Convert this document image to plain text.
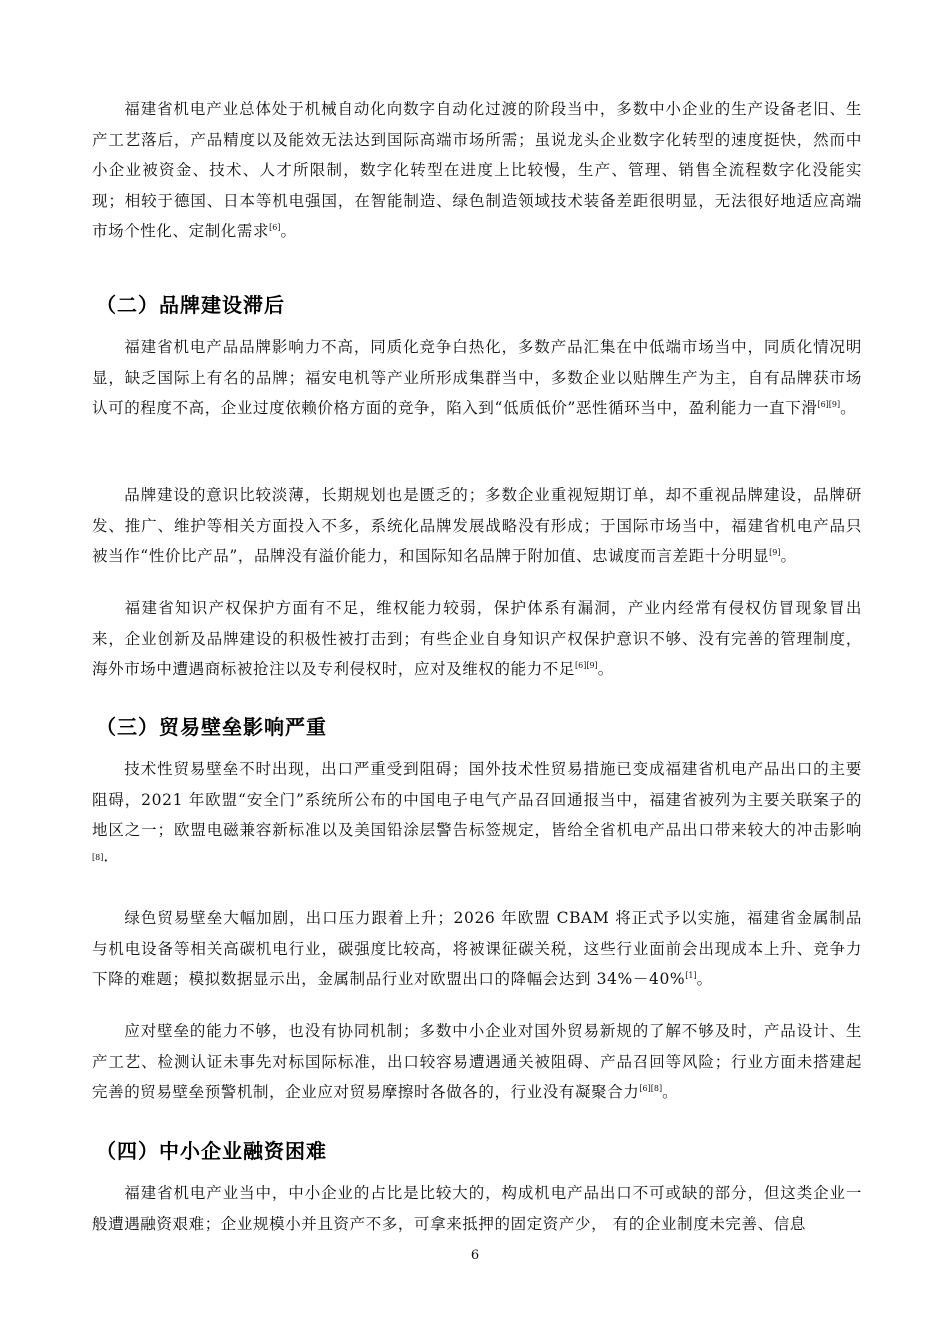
福建省机电产业总体处于机械自动化向数字自动化过渡的阶段当中，多数中小企业的生产设备老旧、生产工艺落后，产品精度以及能效无法达到国际高端市场所需；虽说龙头企业数字化转型的速度挺快，然而中小企业被资金、技术、人才所限制，数字化转型在进度上比较慢，生产、管理、销售全流程数字化没能实现；相较于德国、日本等机电强国，在智能制造、绿色制造领域技术装备差距很明显，无法很好地适应高端市场个性化、定制化需求[6]。
（二）品牌建设滞后
福建省机电产品品牌影响力不高，同质化竞争白热化，多数产品汇集在中低端市场当中，同质化情况明显，缺乏国际上有名的品牌；福安电机等产业所形成集群当中，多数企业以贴牌生产为主，自有品牌获市场认可的程度不高，企业过度依赖价格方面的竞争，陷入到“低质低价”恶性循环当中，盈利能力一直下滑[6][9]。
品牌建设的意识比较淡薄，长期规划也是匮乏的；多数企业重视短期订单，却不重视品牌建设，品牌研发、推广、维护等相关方面投入不多，系统化品牌发展战略没有形成；于国际市场当中，福建省机电产品只被当作“性价比产品”，品牌没有溢价能力，和国际知名品牌于附加值、忠诚度而言差距十分明显[9]。
福建省知识产权保护方面有不足，维权能力较弱，保护体系有漏洞，产业内经常有侵权仿冒现象冒出来，企业创新及品牌建设的积极性被打击到；有些企业自身知识产权保护意识不够、没有完善的管理制度，海外市场中遭遇商标被抢注以及专利侵权时，应对及维权的能力不足[6][9]。
（三）贸易壁垒影响严重
技术性贸易壁垒不时出现，出口严重受到阻碍；国外技术性贸易措施已变成福建省机电产品出口的主要阻碍，2021 年欧盟“安全门”系统所公布的中国电子电气产品召回通报当中，福建省被列为主要关联案子的地区之一；欧盟电磁兼容新标准以及美国铅涂层警告标签规定，皆给全省机电产品出口带来较大的冲击影响[8]·
绿色贸易壁垒大幅加剧，出口压力跟着上升；2026 年欧盟 CBAM 将正式予以实施，福建省金属制品与机电设备等相关高碳机电行业，碳强度比较高，将被课征碳关税，这些行业面前会出现成本上升、竞争力下降的难题；模拟数据显示出，金属制品行业对欧盟出口的降幅会达到 34%－40%[1]。
应对壁垒的能力不够，也没有协同机制；多数中小企业对国外贸易新规的了解不够及时，产品设计、生产工艺、检测认证未事先对标国际标准，出口较容易遭遇通关被阻碍、产品召回等风险；行业方面未搭建起完善的贸易壁垒预警机制，企业应对贸易摩擦时各做各的，行业没有凝聚合力[6][8]。
（四）中小企业融资困难
福建省机电产业当中，中小企业的占比是比较大的，构成机电产品出口不可或缺的部分，但这类企业一般遭遇融资艰难；企业规模小并且资产不多，可拿来抵押的固定资产少， 有的企业制度未完善、信息
6
